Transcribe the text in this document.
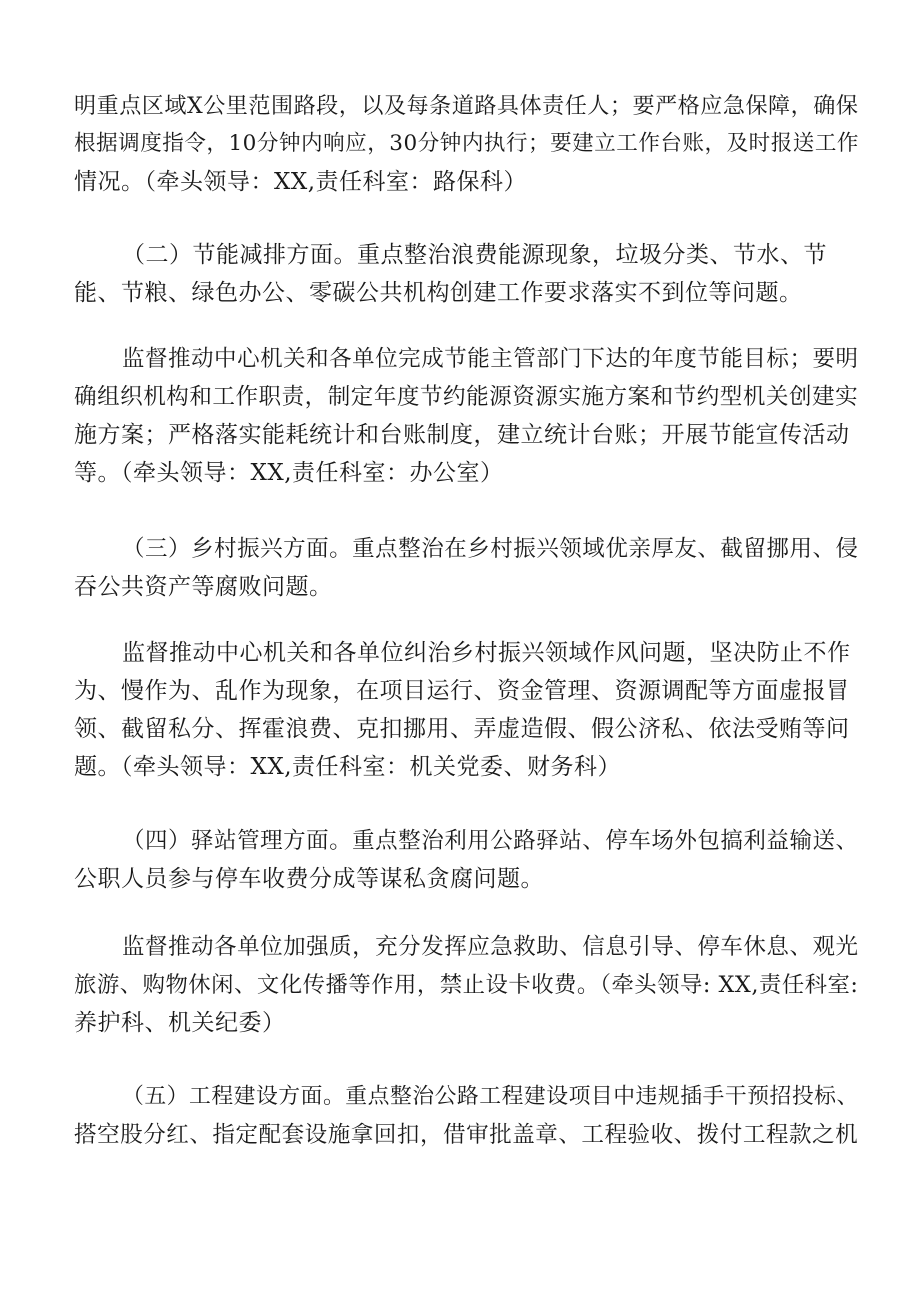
明重点区域X公里范围路段，以及每条道路具体责任人；要严格应急保障，确保
根据调度指令，10分钟内响应，30分钟内执行；要建立工作台账，及时报送工作
情况。（牵头领导：XX,责任科室：路保科）
（二）节能减排方面。重点整治浪费能源现象，垃圾分类、节水、节
能、节粮、绿色办公、零碳公共机构创建工作要求落实不到位等问题。
监督推动中心机关和各单位完成节能主管部门下达的年度节能目标；要明
确组织机构和工作职责，制定年度节约能源资源实施方案和节约型机关创建实
施方案；严格落实能耗统计和台账制度，建立统计台账；开展节能宣传活动
等。（牵头领导：XX,责任科室：办公室）
（三）乡村振兴方面。重点整治在乡村振兴领域优亲厚友、截留挪用、侵
吞公共资产等腐败问题。
监督推动中心机关和各单位纠治乡村振兴领域作风问题，坚决防止不作
为、慢作为、乱作为现象，在项目运行、资金管理、资源调配等方面虚报冒
领、截留私分、挥霍浪费、克扣挪用、弄虚造假、假公济私、依法受贿等问
题。（牵头领导：XX,责任科室：机关党委、财务科）
（四）驿站管理方面。重点整治利用公路驿站、停车场外包搞利益输送、
公职人员参与停车收费分成等谋私贪腐问题。
监督推动各单位加强质，充分发挥应急救助、信息引导、停车休息、观光
旅游、购物休闲、文化传播等作用，禁止设卡收费。（牵头领导: XX,责任科室:
养护科、机关纪委）
（五）工程建设方面。重点整治公路工程建设项目中违规插手干预招投标、
搭空股分红、指定配套设施拿回扣，借审批盖章、工程验收、拨付工程款之机
